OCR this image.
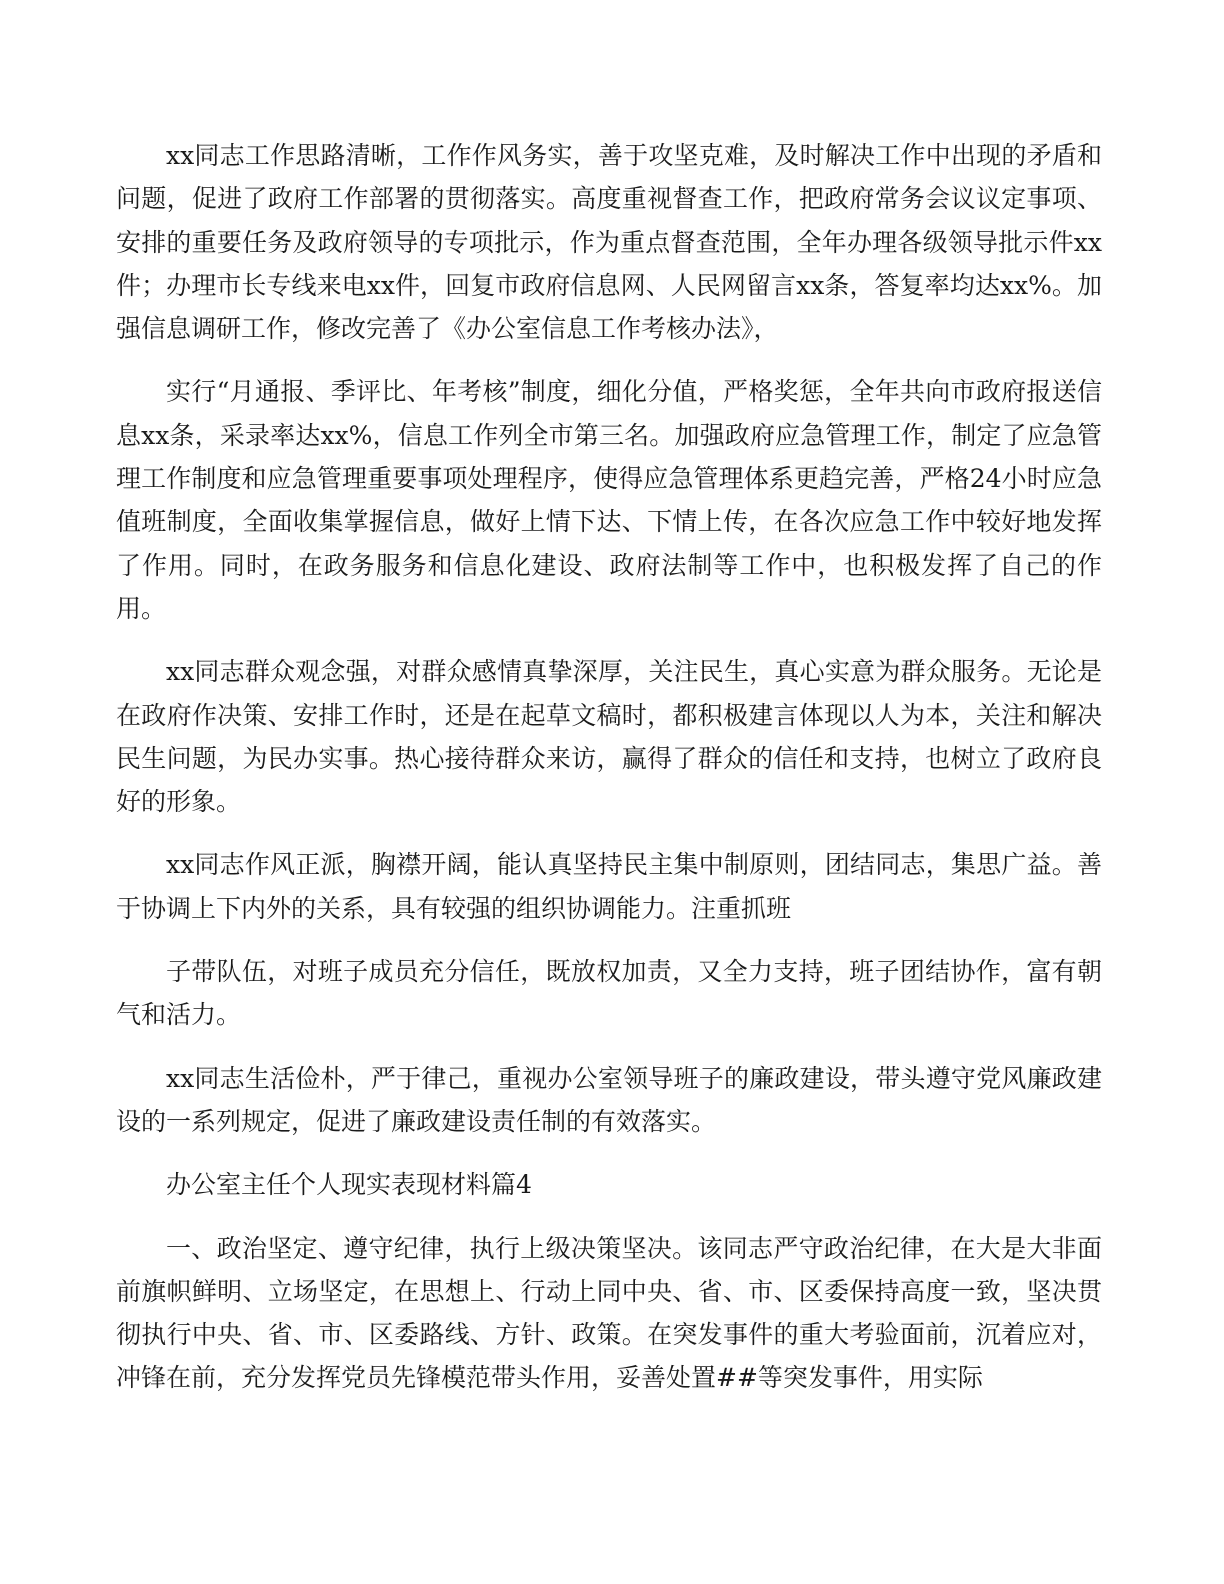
xx同志工作思路清晰，工作作风务实，善于攻坚克难，及时解决工作中出现的矛盾和问题，促进了政府工作部署的贯彻落实。高度重视督查工作，把政府常务会议议定事项、安排的重要任务及政府领导的专项批示，作为重点督查范围，全年办理各级领导批示件xx件；办理市长专线来电xx件，回复市政府信息网、人民网留言xx条，答复率均达xx%。加强信息调研工作，修改完善了《办公室信息工作考核办法》，

实行“月通报、季评比、年考核”制度，细化分值，严格奖惩，全年共向市政府报送信息xx条，采录率达xx%，信息工作列全市第三名。加强政府应急管理工作，制定了应急管理工作制度和应急管理重要事项处理程序，使得应急管理体系更趋完善，严格24小时应急值班制度，全面收集掌握信息，做好上情下达、下情上传，在各次应急工作中较好地发挥了作用。同时，在政务服务和信息化建设、政府法制等工作中，也积极发挥了自己的作用。

xx同志群众观念强，对群众感情真挚深厚，关注民生，真心实意为群众服务。无论是在政府作决策、安排工作时，还是在起草文稿时，都积极建言体现以人为本，关注和解决民生问题，为民办实事。热心接待群众来访，赢得了群众的信任和支持，也树立了政府良好的形象。

xx同志作风正派，胸襟开阔，能认真坚持民主集中制原则，团结同志，集思广益。善于协调上下内外的关系，具有较强的组织协调能力。注重抓班

子带队伍，对班子成员充分信任，既放权加责，又全力支持，班子团结协作，富有朝气和活力。

xx同志生活俭朴，严于律己，重视办公室领导班子的廉政建设，带头遵守党风廉政建设的一系列规定，促进了廉政建设责任制的有效落实。

办公室主任个人现实表现材料篇4

一、政治坚定、遵守纪律，执行上级决策坚决。该同志严守政治纪律，在大是大非面前旗帜鲜明、立场坚定，在思想上、行动上同中央、省、市、区委保持高度一致，坚决贯彻执行中央、省、市、区委路线、方针、政策。在突发事件的重大考验面前，沉着应对，冲锋在前，充分发挥党员先锋模范带头作用，妥善处置##等突发事件，用实际
